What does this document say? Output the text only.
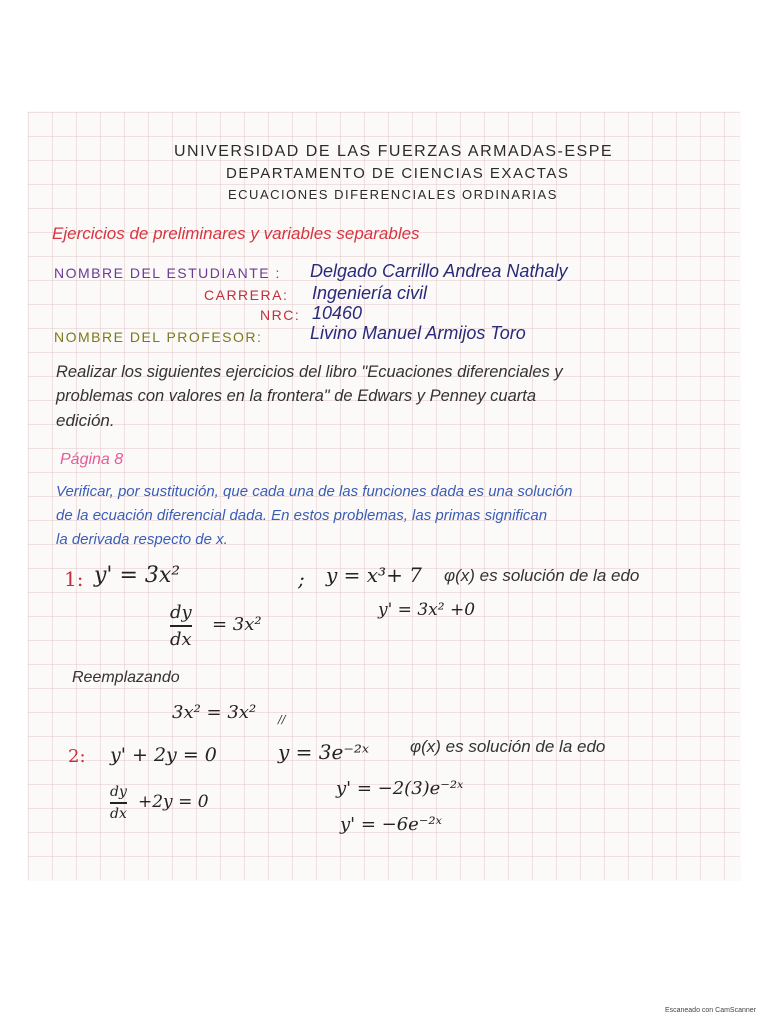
UNIVERSIDAD DE LAS FUERZAS ARMADAS-ESPE
DEPARTAMENTO DE CIENCIAS EXACTAS
ECUACIONES DIFERENCIALES ORDINARIAS
Ejercicios de preliminares y variables separables
NOMBRE DEL ESTUDIANTE : Delgado Carrillo Andrea Nathaly
CARRERA: Ingeniería civil
NRC: 10460
NOMBRE DEL PROFESOR:	Livino Manuel Armijos Toro
Realizar los siguientes ejercicios del libro "Ecuaciones diferenciales y
problemas con valores en la frontera" de Edwars y Penney cuarta
edición.
Página 8
Verificar, por sustitución, que cada una de las funciones dada es una solución
de la ecuación diferencial dada. En estos problemas, las primas significan
la derivada respecto de x.
1: y' = 3x²	; y = x³+ 7 φ(x) es solución de la edo
dy
dx
= 3x²
y' = 3x² +0
Reemplazando
3x² = 3x² //
2: y' + 2y = 0	y = 3e⁻²ˣ φ(x) es solución de la edo
dy
dx
+2y = 0
y' = −2(3)e⁻²ˣ
y' = −6e⁻²ˣ
Escaneado con CamScanner
